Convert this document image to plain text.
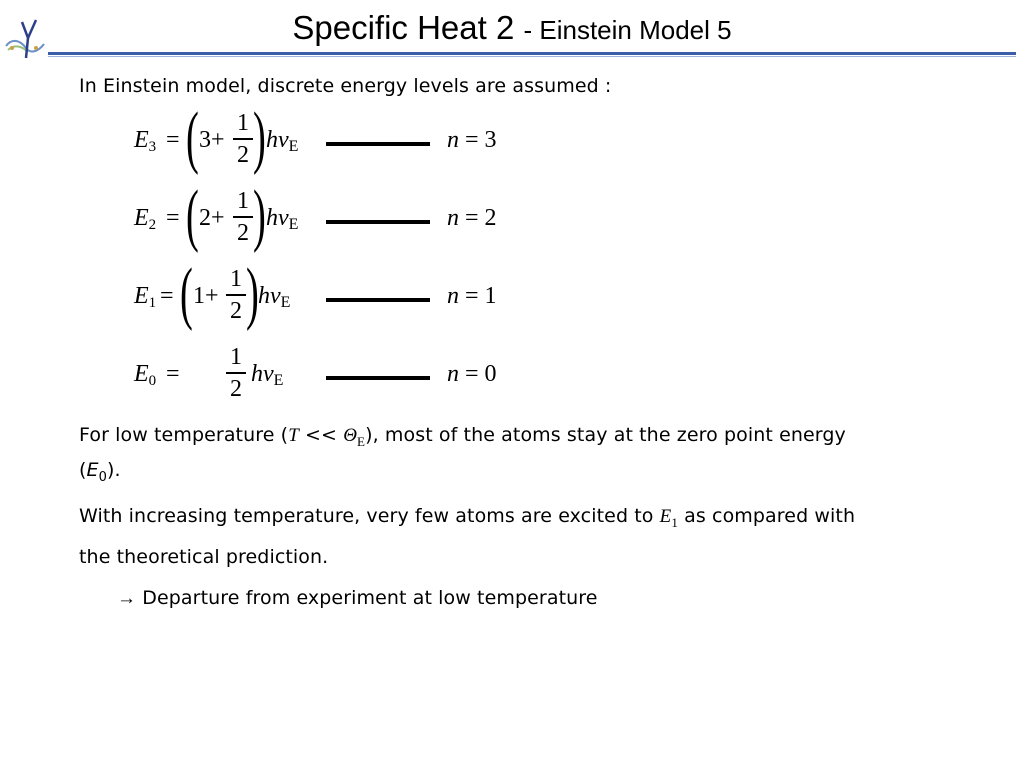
Specific Heat 2 - Einstein Model 5
In Einstein model, discrete energy levels are assumed :
$E_3$ = ( 3+
1
2 ) $h\nu_E$	n = 3
$E_2$ = ( 2+
1
2 ) $h\nu_E$	n = 2
$E_1$ = ( 1+
1
2 ) $h\nu_E$	n = 1
$E_0$ =
1
2
$h\nu_E$	n = 0
For low temperature $(T << \Theta_E)$, most of the atoms stay at the zero point energy
$(E_0)$.
With increasing temperature, very few atoms are excited to $E_1$ as compared with
the theoretical prediction.
→ Departure from experiment at low temperature
